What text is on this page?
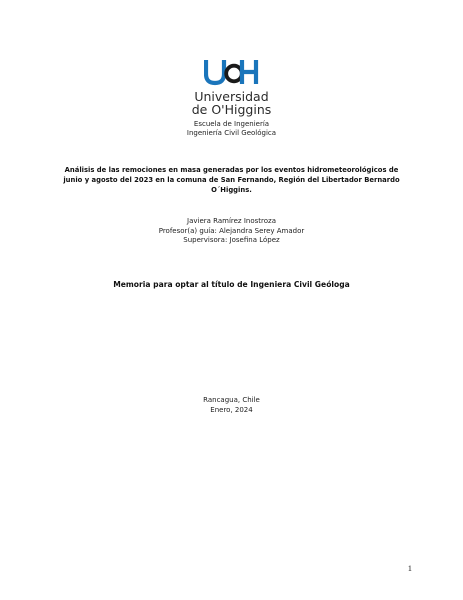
Universidad
de O'Higgins
Escuela de Ingeniería
Ingeniería Civil Geológica
Análisis de las remociones en masa generadas por los eventos hidrometeorológicos de
junio y agosto del 2023 en la comuna de San Fernando, Región del Libertador Bernardo
O´Higgins.
Javiera Ramírez Inostroza
Profesor(a) guía: Alejandra Serey Amador
Supervisora: Josefina López
Memoria para optar al título de Ingeniera Civil Geóloga
Rancagua, Chile
Enero, 2024
1
